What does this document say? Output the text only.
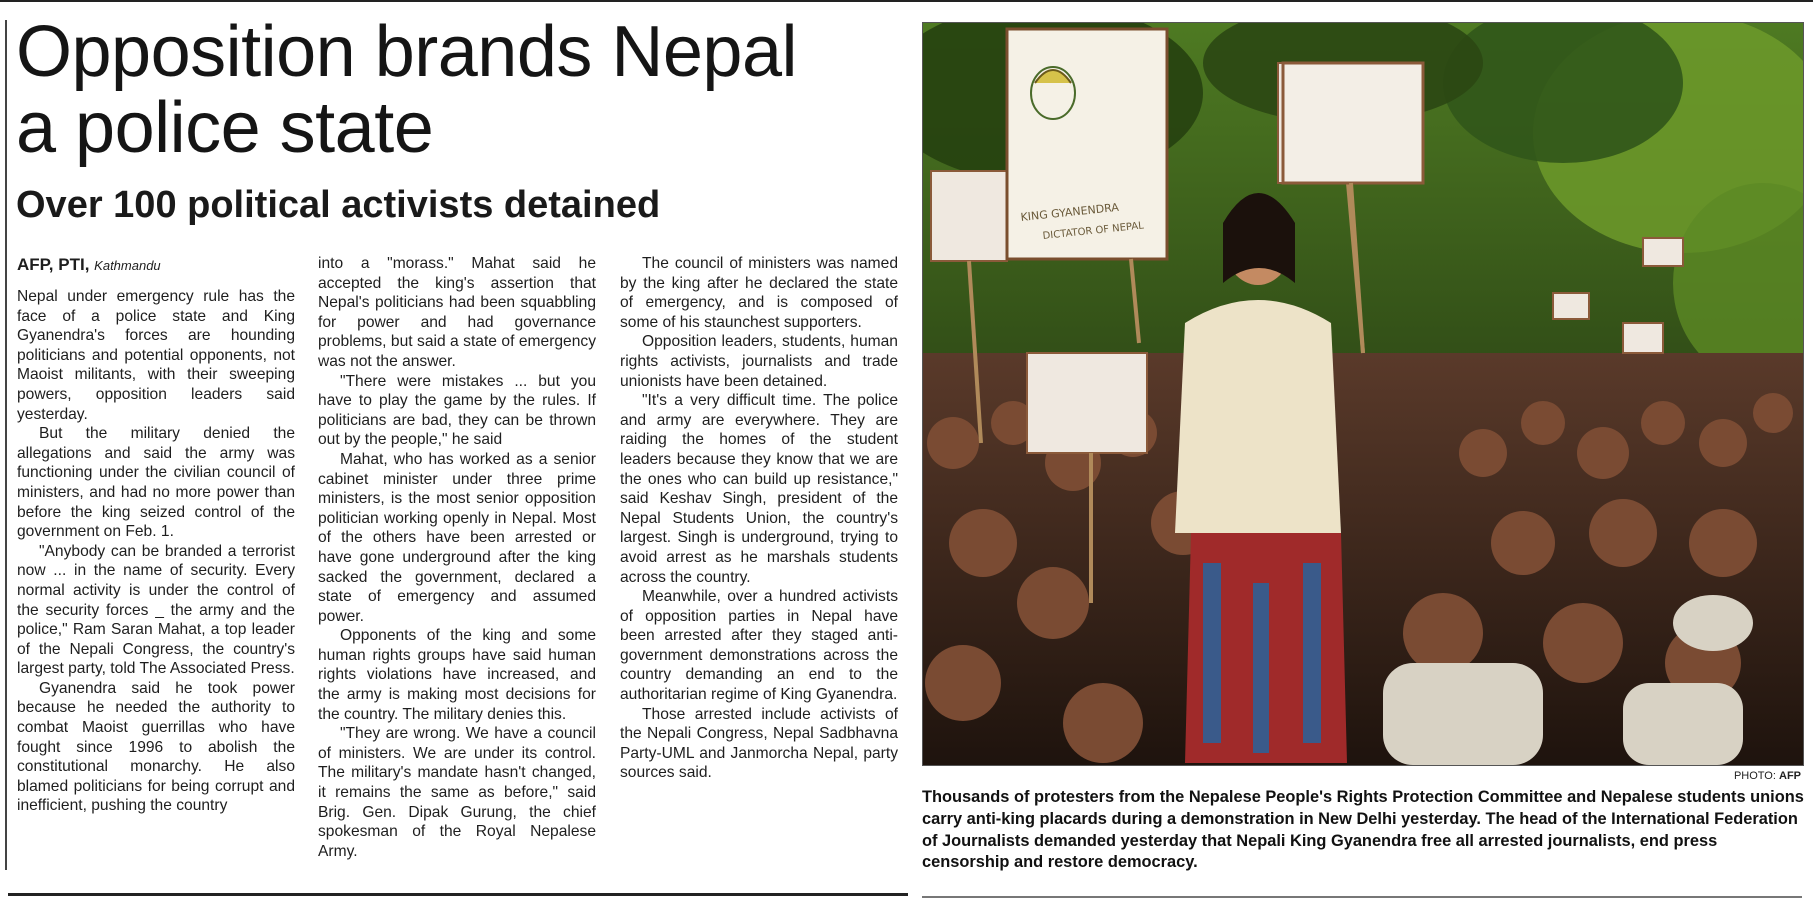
Opposition brands Nepal
a police state
Over 100 political activists detained
AFP, PTI, Kathmandu

Nepal under emergency rule has the face of a police state and King Gyanendra's forces are hounding politicians and potential opponents, not Maoist militants, with their sweeping powers, opposition leaders said yesterday.

But the military denied the allegations and said the army was functioning under the civilian council of ministers, and had no more power than before the king seized control of the government on Feb. 1.

"Anybody can be branded a terrorist now ... in the name of security. Every normal activity is under the control of the security forces _ the army and the police," Ram Saran Mahat, a top leader of the Nepali Congress, the country's largest party, told The Associated Press.

Gyanendra said he took power because he needed the authority to combat Maoist guerrillas who have fought since 1996 to abolish the constitutional monarchy. He also blamed politicians for being corrupt and inefficient, pushing the country

into a "morass." Mahat said he accepted the king's assertion that Nepal's politicians had been squabbling for power and had governance problems, but said a state of emergency was not the answer.

"There were mistakes ... but you have to play the game by the rules. If politicians are bad, they can be thrown out by the people," he said

Mahat, who has worked as a senior cabinet minister under three prime ministers, is the most senior opposition politician working openly in Nepal. Most of the others have been arrested or have gone underground after the king sacked the government, declared a state of emergency and assumed power.

Opponents of the king and some human rights groups have said human rights violations have increased, and the army is making most decisions for the country. The military denies this.

"They are wrong. We have a council of ministers. We are under its control. The military's mandate hasn't changed, it remains the same as before," said Brig. Gen. Dipak Gurung, the chief spokesman of the Royal Nepalese Army.

The council of ministers was named by the king after he declared the state of emergency, and is composed of some of his staunchest supporters.

Opposition leaders, students, human rights activists, journalists and trade unionists have been detained.

"It's a very difficult time. The police and army are everywhere. They are raiding the homes of the student leaders because they know that we are the ones who can build up resistance," said Keshav Singh, president of the Nepal Students Union, the country's largest. Singh is underground, trying to avoid arrest as he marshals students across the country.

Meanwhile, over a hundred activists of opposition parties in Nepal have been arrested after they staged anti-government demonstrations across the country demanding an end to the authoritarian regime of King Gyanendra.

Those arrested include activists of the Nepali Congress, Nepal Sadbhavna Party-UML and Janmorcha Nepal, party sources said.

KING GYANENDRA
DICTATOR OF NEPAL
PHOTO: AFP

Thousands of protesters from the Nepalese People's Rights Protection Committee and Nepalese students unions carry anti-king placards during a demonstration in New Delhi yesterday. The head of the International Federation of Journalists demanded yesterday that Nepali King Gyanendra free all arrested journalists, end press censorship and restore democracy.
